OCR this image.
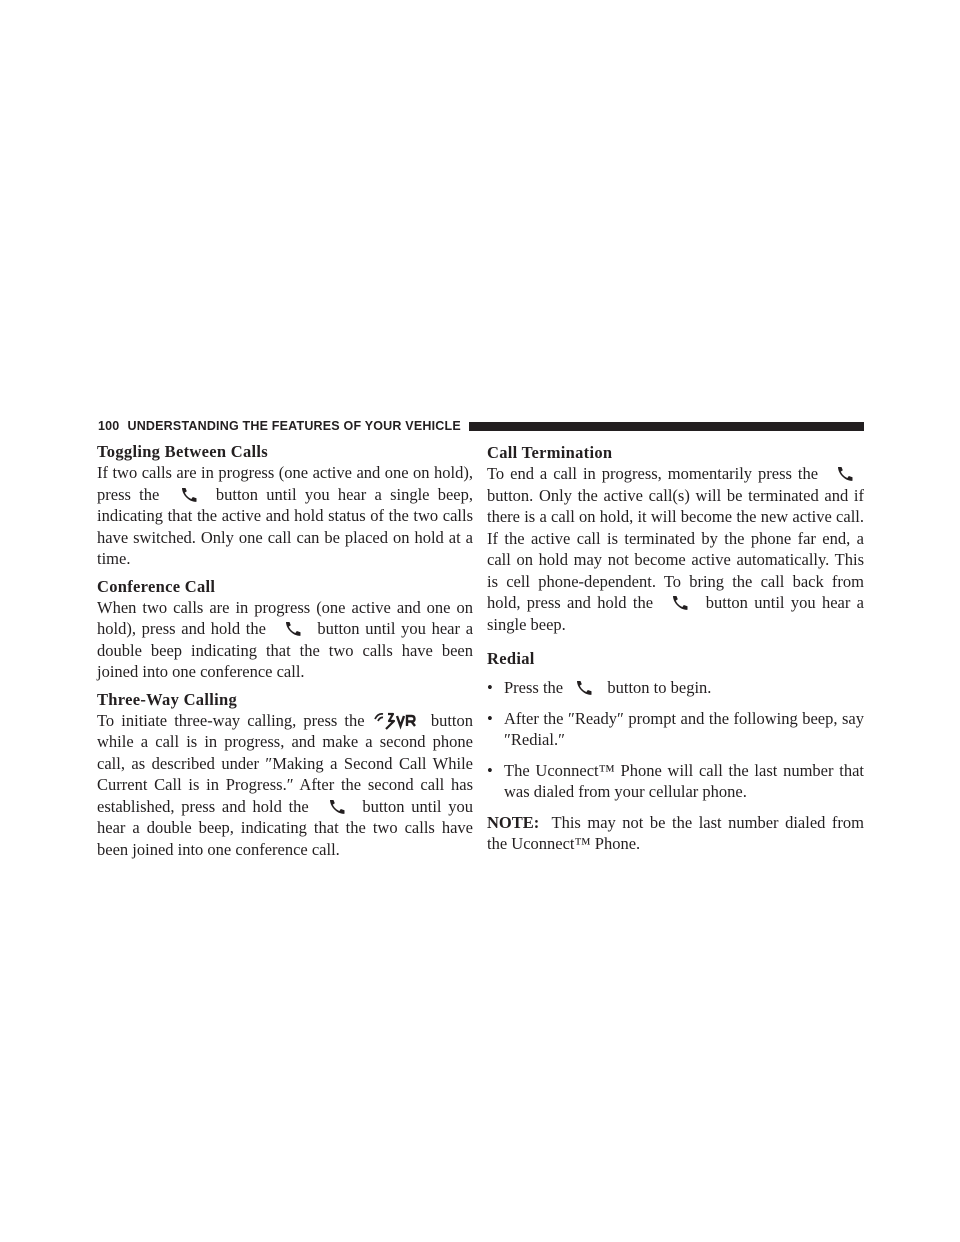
100 UNDERSTANDING THE FEATURES OF YOUR VEHICLE
Toggling Between Calls

If two calls are in progress (one active and one on hold), press the	button until you hear a single beep, indicating that the active and hold status of the two calls have switched. Only one call can be placed on hold at a time.

Conference Call

When two calls are in progress (one active and one on hold), press and hold the	button until you hear a double beep indicating that the two calls have been joined into one conference call.

Three-Way Calling

To initiate three-way calling, press the	button while a call is in progress, and make a second phone call, as described under ″Making a Second Call While Current Call is in Progress.″ After the second call has established, press and hold the	button until you hear a double beep, indicating that the two calls have been joined into one conference call.

Call Termination

To end a call in progress, momentarily press the
button. Only the active call(s) will be terminated and if there is a call on hold, it will become the new active call. If the active call is terminated by the phone far end, a call on hold may not become active automatically. This is cell phone-dependent. To bring the call back from hold, press and hold the	button until you hear a single beep.

Redial
• Press the	button to begin.
• After the ″Ready″ prompt and the following beep, say ″Redial.″
• The Uconnect™ Phone will call the last number that was dialed from your cellular phone.

NOTE: This may not be the last number dialed from the Uconnect™ Phone.
